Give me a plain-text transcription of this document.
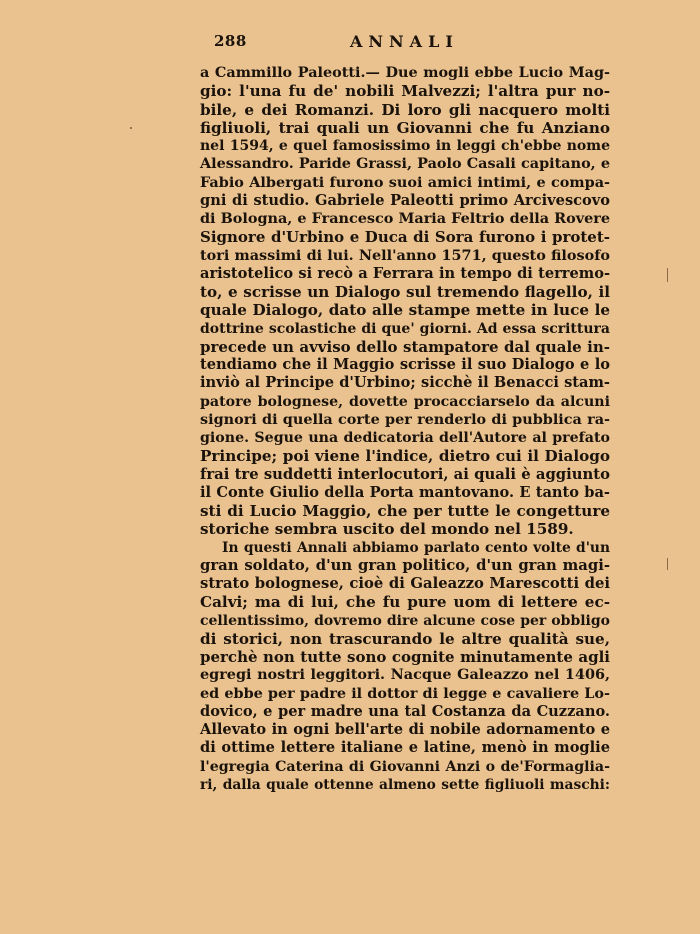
288	ANNALI
a Cammillo Paleotti.— Due mogli ebbe Lucio Mag-
gio: l'una fu de' nobili Malvezzi; l'altra pur no-
bile, e dei Romanzi. Di loro gli nacquero molti
figliuoli, trai quali un Giovanni che fu Anziano
nel 1594, e quel famosissimo in leggi ch'ebbe nome
Alessandro. Paride Grassi, Paolo Casali capitano, e
Fabio Albergati furono suoi amici intimi, e compa-
gni di studio. Gabriele Paleotti primo Arcivescovo
di Bologna, e Francesco Maria Feltrio della Rovere
Signore d'Urbino e Duca di Sora furono i protet-
tori massimi di lui. Nell'anno 1571, questo filosofo
aristotelico si recò a Ferrara in tempo di terremo-
to, e scrisse un Dialogo sul tremendo flagello, il
quale Dialogo, dato alle stampe mette in luce le
dottrine scolastiche di que' giorni. Ad essa scrittura
precede un avviso dello stampatore dal quale in-
tendiamo che il Maggio scrisse il suo Dialogo e lo
inviò al Principe d'Urbino; sicchè il Benacci stam-
patore bolognese, dovette procacciarselo da alcuni
signori di quella corte per renderlo di pubblica ra-
gione. Segue una dedicatoria dell'Autore al prefato
Principe; poi viene l'indice, dietro cui il Dialogo
frai tre suddetti interlocutori, ai quali è aggiunto
il Conte Giulio della Porta mantovano. E tanto ba-
sti di Lucio Maggio, che per tutte le congetture
storiche sembra uscito del mondo nel 1589.
In questi Annali abbiamo parlato cento volte d'un
gran soldato, d'un gran politico, d'un gran magi-
strato bolognese, cioè di Galeazzo Marescotti dei
Calvi; ma di lui, che fu pure uom di lettere ec-
cellentissimo, dovremo dire alcune cose per obbligo
di storici, non trascurando le altre qualità sue,
perchè non tutte sono cognite minutamente agli
egregi nostri leggitori. Nacque Galeazzo nel 1406,
ed ebbe per padre il dottor di legge e cavaliere Lo-
dovico, e per madre una tal Costanza da Cuzzano.
Allevato in ogni bell'arte di nobile adornamento e
di ottime lettere italiane e latine, menò in moglie
l'egregia Caterina di Giovanni Anzi o de'Formaglia-
ri, dalla quale ottenne almeno sette figliuoli maschi:
